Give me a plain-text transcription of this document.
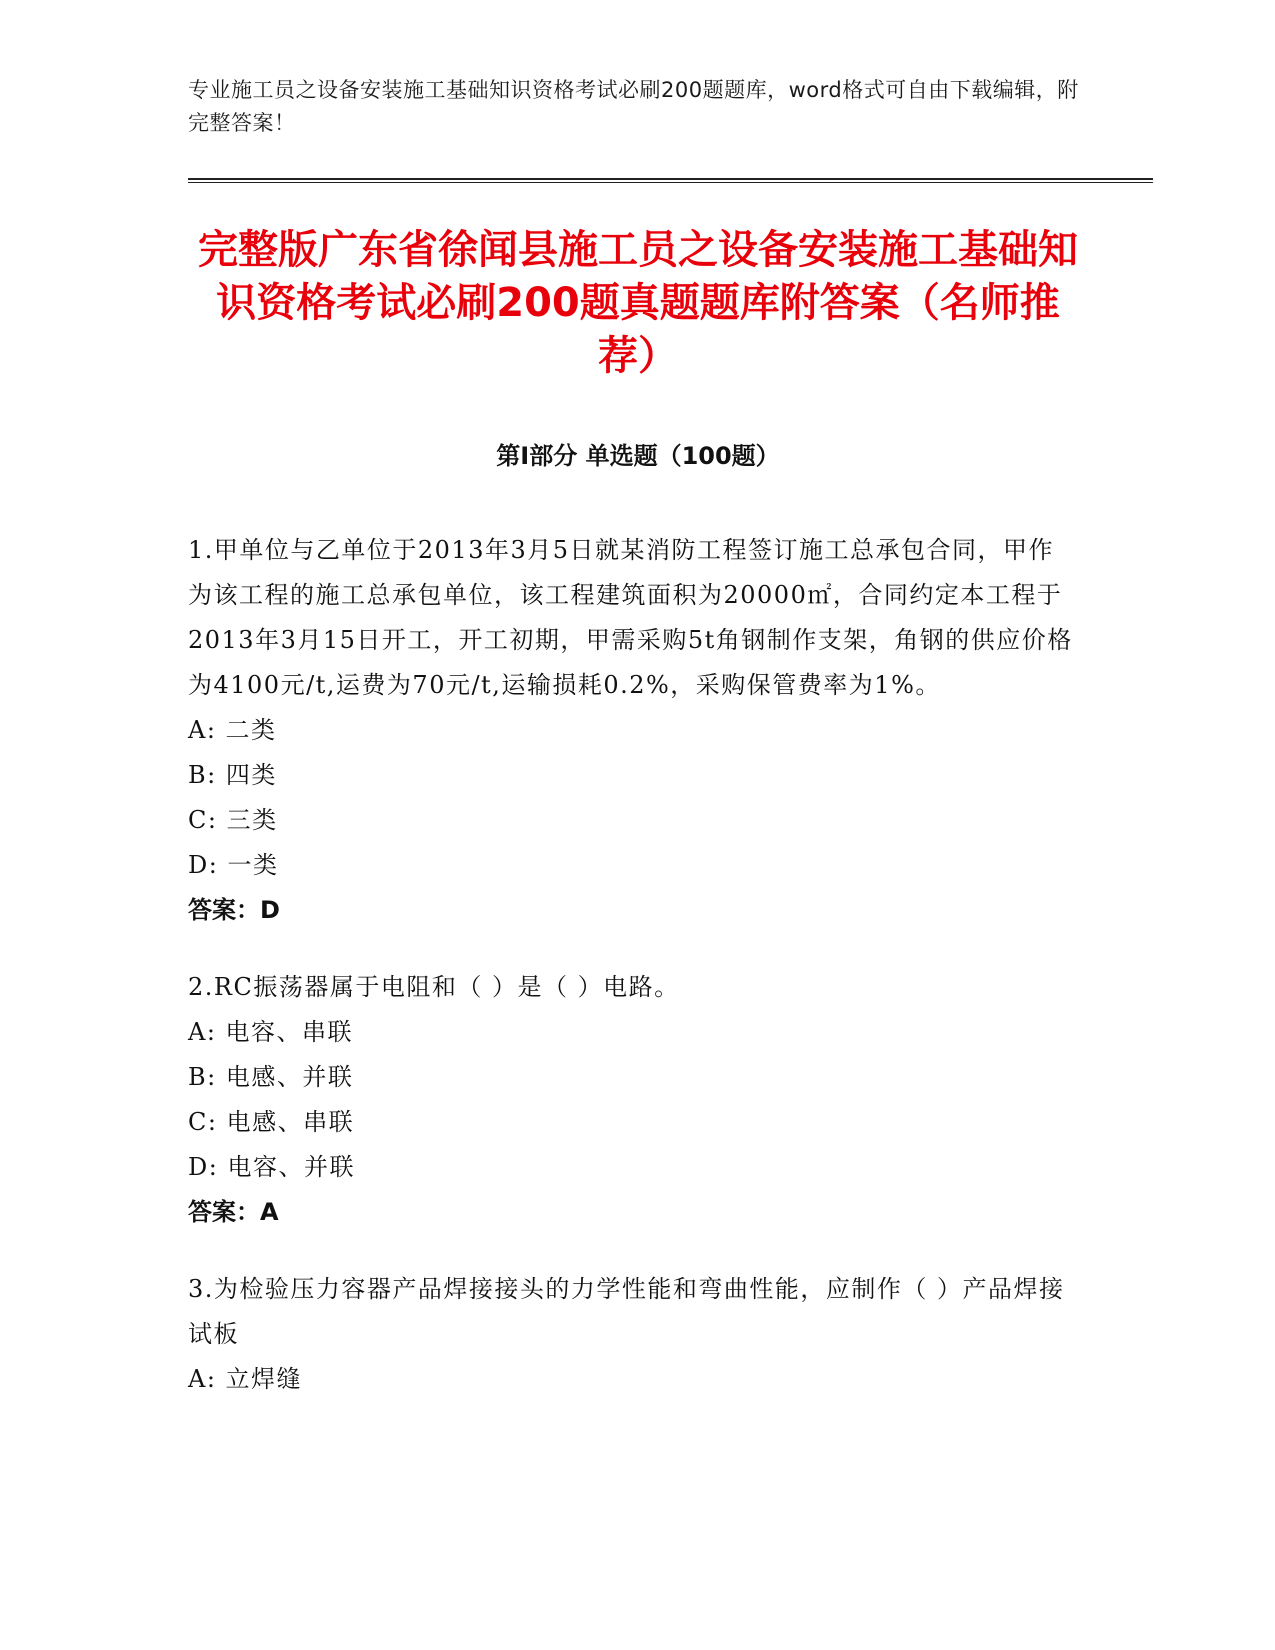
专业施工员之设备安装施工基础知识资格考试必刷200题题库，word格式可自由下载编辑，附完整答案！
完整版广东省徐闻县施工员之设备安装施工基础知识资格考试必刷200题真题题库附答案（名师推荐）
第I部分 单选题（100题）
1.甲单位与乙单位于2013年3月5日就某消防工程签订施工总承包合同，甲作为该工程的施工总承包单位，该工程建筑面积为20000㎡，合同约定本工程于2013年3月15日开工，开工初期，甲需采购5t角钢制作支架，角钢的供应价格为4100元/t,运费为70元/t,运输损耗0.2%，采购保管费率为1%。
A: 二类
B: 四类
C: 三类
D: 一类
答案：D
2.RC振荡器属于电阻和（ ）是（ ）电路。
A: 电容、串联
B: 电感、并联
C: 电感、串联
D: 电容、并联
答案：A
3.为检验压力容器产品焊接接头的力学性能和弯曲性能，应制作（ ）产品焊接试板
A: 立焊缝
